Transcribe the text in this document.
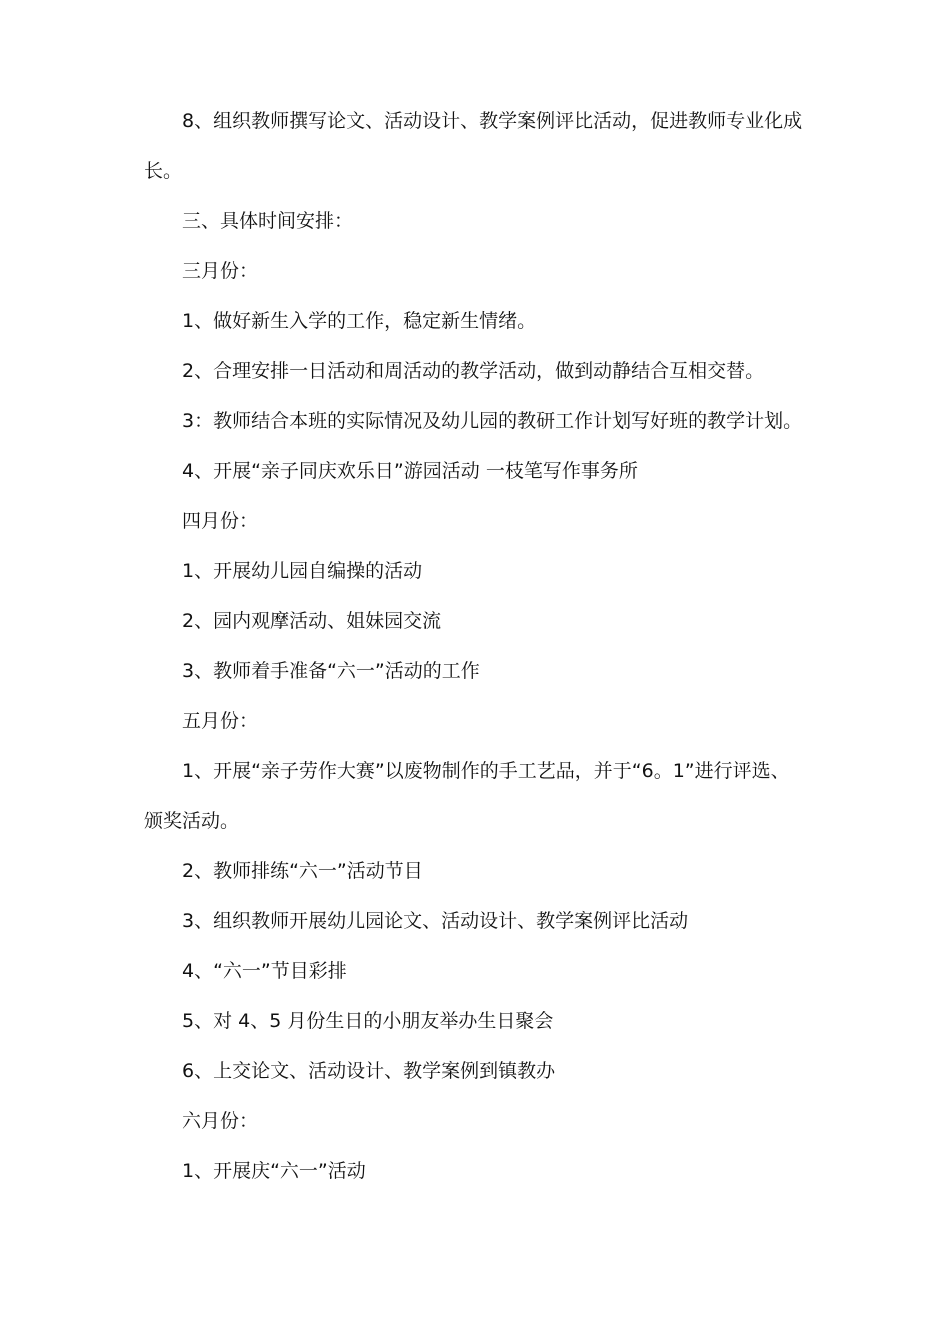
8、组织教师撰写论文、活动设计、教学案例评比活动，促进教师专业化成长。

三、具体时间安排：

三月份：

1、做好新生入学的工作，稳定新生情绪。

2、合理安排一日活动和周活动的教学活动，做到动静结合互相交替。

3：教师结合本班的实际情况及幼儿园的教研工作计划写好班的教学计划。

4、开展“亲子同庆欢乐日”游园活动 一枝笔写作事务所

四月份：

1、开展幼儿园自编操的活动

2、园内观摩活动、姐妹园交流

3、教师着手准备“六一”活动的工作

五月份：

1、开展“亲子劳作大赛”以废物制作的手工艺品，并于“6。1”进行评选、颁奖活动。

2、教师排练“六一”活动节目

3、组织教师开展幼儿园论文、活动设计、教学案例评比活动

4、“六一”节目彩排

5、对 4、5 月份生日的小朋友举办生日聚会

6、上交论文、活动设计、教学案例到镇教办

六月份：

1、开展庆“六一”活动
